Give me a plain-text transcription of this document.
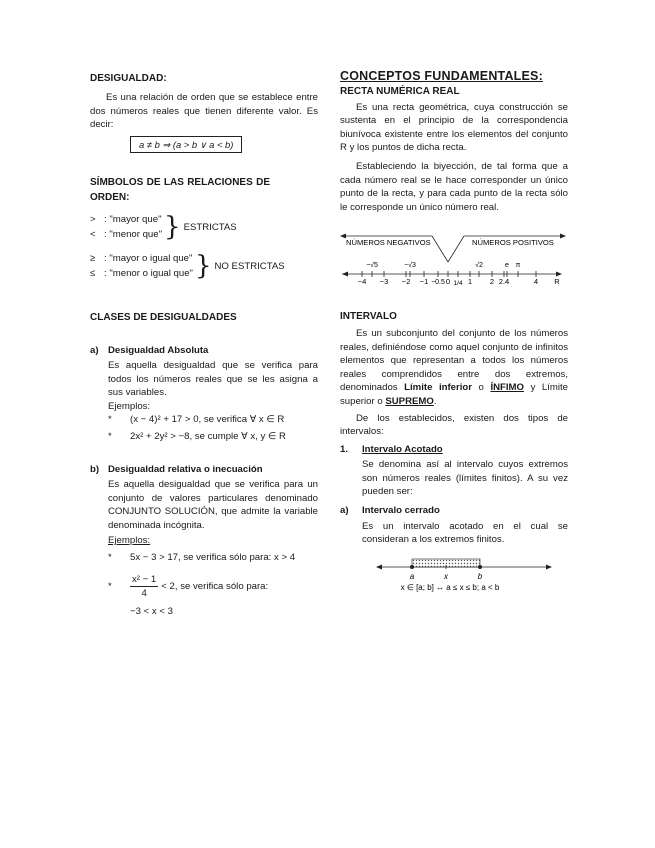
DESIGUALDAD:

Es una relación de orden que se establece entre dos números reales que tienen diferente valor. Es decir:

a ≠ b ⇒ (a > b ∨ a < b)

SÍMBOLOS DE LAS RELACIONES DE ORDEN:

> : "mayor que"
< : "menor que" } ESTRICTAS
≥ : "mayor o igual que"
≤ : "menor o igual que" } NO ESTRICTAS

CLASES DE DESIGUALDADES

a) Desigualdad Absoluta

Es aquella desigualdad que se verifica para todos los números reales que se les asigna a sus variables.

Ejemplos:

*	(x − 4)² + 17 > 0, se verifica ∀ x ∈ R
*	2x² + 2y² > −8, se cumple ∀ x, y ∈ R
b) Desigualdad relativa o inecuación

Es aquella desigualdad que se verifica para un conjunto de valores particulares denominado CONJUNTO SOLUCIÓN, que admite la variable denominada incógnita.

Ejemplos:

*	5x − 3 > 17, se verifica sólo para: x > 4
*	$\frac{\text{x² − 1}}{4} < 2$, se verifica sólo para:

−3 < x < 3

CONCEPTOS FUNDAMENTALES:

RECTA NUMÉRICA REAL

Es una recta geométrica, cuya construcción se sustenta en el principio de la correspondencia biunívoca existente entre los elementos del conjunto R y los puntos de dicha recta.

Estableciendo la biyección, de tal forma que a cada número real se le hace corresponder un único punto de la recta, y para cada punto de la recta sólo le corresponde un único número real.

NÚMEROS NEGATIVOS	NÚMEROS POSITIVOS
−4
−√5
−3
−√3
−2 −1 −0.5 0 1/4 1
√2
2 2.4
e π
4 R

INTERVALO

Es un subconjunto del conjunto de los números reales, definiéndose como aquel conjunto de infinitos elementos que representan a todos los números reales comprendidos entre dos extremos, denominados Límite inferior o ÍNFIMO y Límite superior o SUPREMO.

De los establecidos, existen dos tipos de intervalos:

1.	Intervalo Acotado

Se denomina así al intervalo cuyos extremos son números reales (límites finitos). A su vez pueden ser:

a)	Intervalo cerrado

Es un intervalo acotado en el cual se consideran a los extremos finitos.

a	x	b
x ∈ [a; b] ↔ a ≤ x ≤ b; a < b
